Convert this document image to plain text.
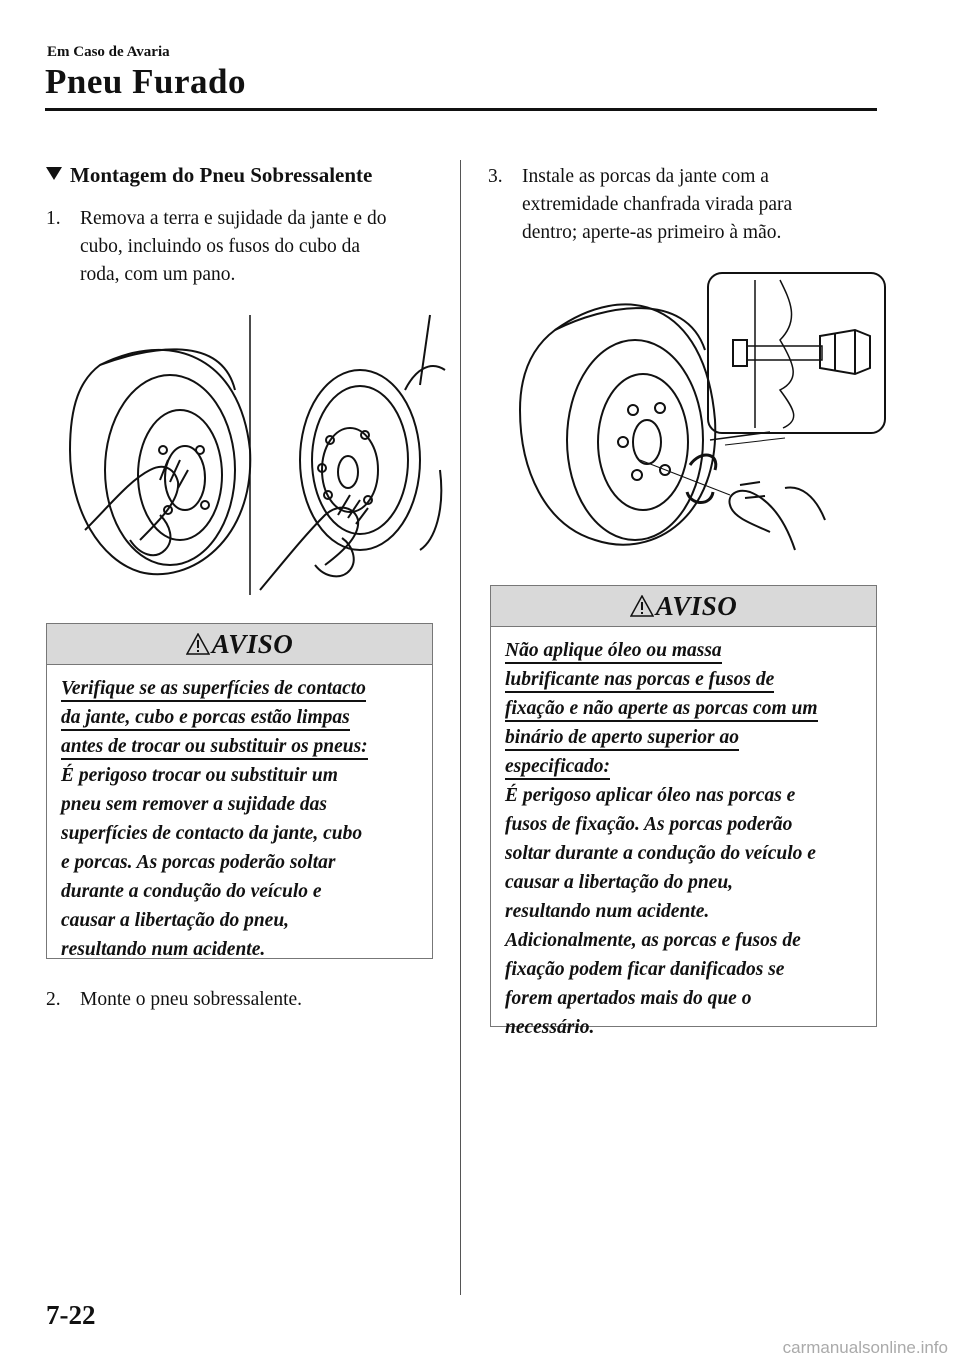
Em Caso de Avaria
Pneu Furado
Montagem do Pneu Sobressalente
1. Remova a terra e sujidade da jante e do
cubo, incluindo os fusos do cubo da
roda, com um pano.
AVISO
Verifique se as superfícies de contacto
da jante, cubo e porcas estão limpas
antes de trocar ou substituir os pneus:
É perigoso trocar ou substituir um
pneu sem remover a sujidade das
superfícies de contacto da jante, cubo
e porcas. As porcas poderão soltar
durante a condução do veículo e
causar a libertação do pneu,
resultando num acidente.
2. Monte o pneu sobressalente.
3. Instale as porcas da jante com a
extremidade chanfrada virada para
dentro; aperte-as primeiro à mão.
AVISO
Não aplique óleo ou massa
lubrificante nas porcas e fusos de
fixação e não aperte as porcas com um
binário de aperto superior ao
especificado:
É perigoso aplicar óleo nas porcas e
fusos de fixação. As porcas poderão
soltar durante a condução do veículo e
causar a libertação do pneu,
resultando num acidente.
Adicionalmente, as porcas e fusos de
fixação podem ficar danificados se
forem apertados mais do que o
necessário.
7-22
carmanualsonline.info
